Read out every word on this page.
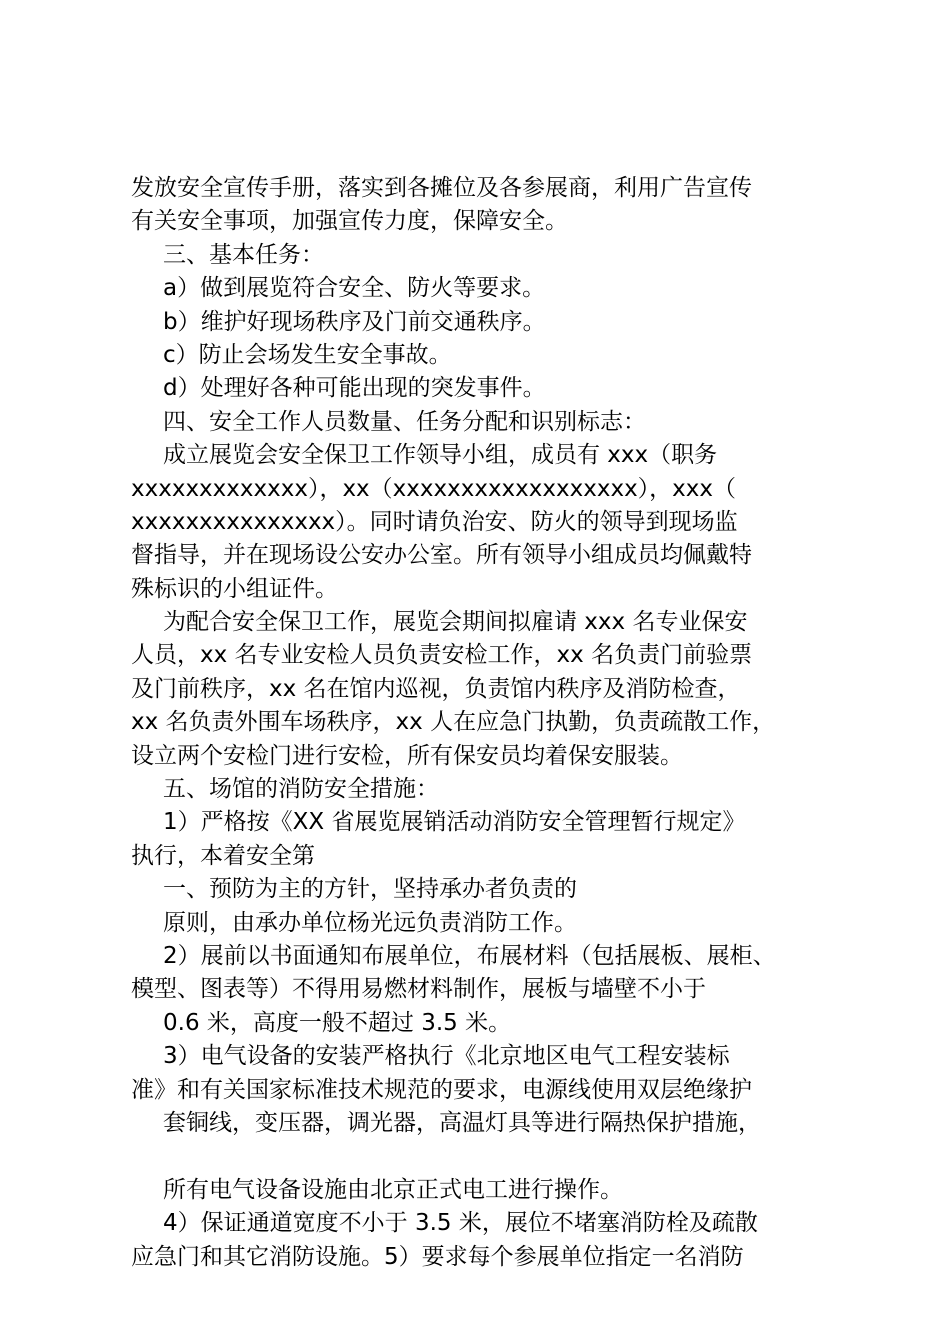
发放安全宣传手册，落实到各摊位及各参展商，利用广告宣传
有关安全事项，加强宣传力度，保障安全。
三、基本任务：
a）做到展览符合安全、防火等要求。
b）维护好现场秩序及门前交通秩序。
c）防止会场发生安全事故。
d）处理好各种可能出现的突发事件。
四、安全工作人员数量、任务分配和识别标志：
成立展览会安全保卫工作领导小组，成员有 xxx（职务
xxxxxxxxxxxxx），xx（xxxxxxxxxxxxxxxxxx），xxx（
xxxxxxxxxxxxxxx）。同时请负治安、防火的领导到现场监
督指导，并在现场设公安办公室。所有领导小组成员均佩戴特
殊标识的小组证件。
为配合安全保卫工作，展览会期间拟雇请 xxx 名专业保安
人员，xx 名专业安检人员负责安检工作，xx 名负责门前验票
及门前秩序，xx 名在馆内巡视，负责馆内秩序及消防检查，
xx 名负责外围车场秩序，xx 人在应急门执勤，负责疏散工作，
设立两个安检门进行安检，所有保安员均着保安服装。
五、场馆的消防安全措施：
1）严格按《XX 省展览展销活动消防安全管理暂行规定》
执行，本着安全第
一、预防为主的方针，坚持承办者负责的
原则，由承办单位杨光远负责消防工作。
2）展前以书面通知布展单位，布展材料（包括展板、展柜、
模型、图表等）不得用易燃材料制作，展板与墙壁不小于
0.6 米，高度一般不超过 3.5 米。
3）电气设备的安装严格执行《北京地区电气工程安装标
准》和有关国家标准技术规范的要求，电源线使用双层绝缘护
套铜线，变压器，调光器，高温灯具等进行隔热保护措施，
所有电气设备设施由北京正式电工进行操作。
4）保证通道宽度不小于 3.5 米，展位不堵塞消防栓及疏散
应急门和其它消防设施。5）要求每个参展单位指定一名消防
